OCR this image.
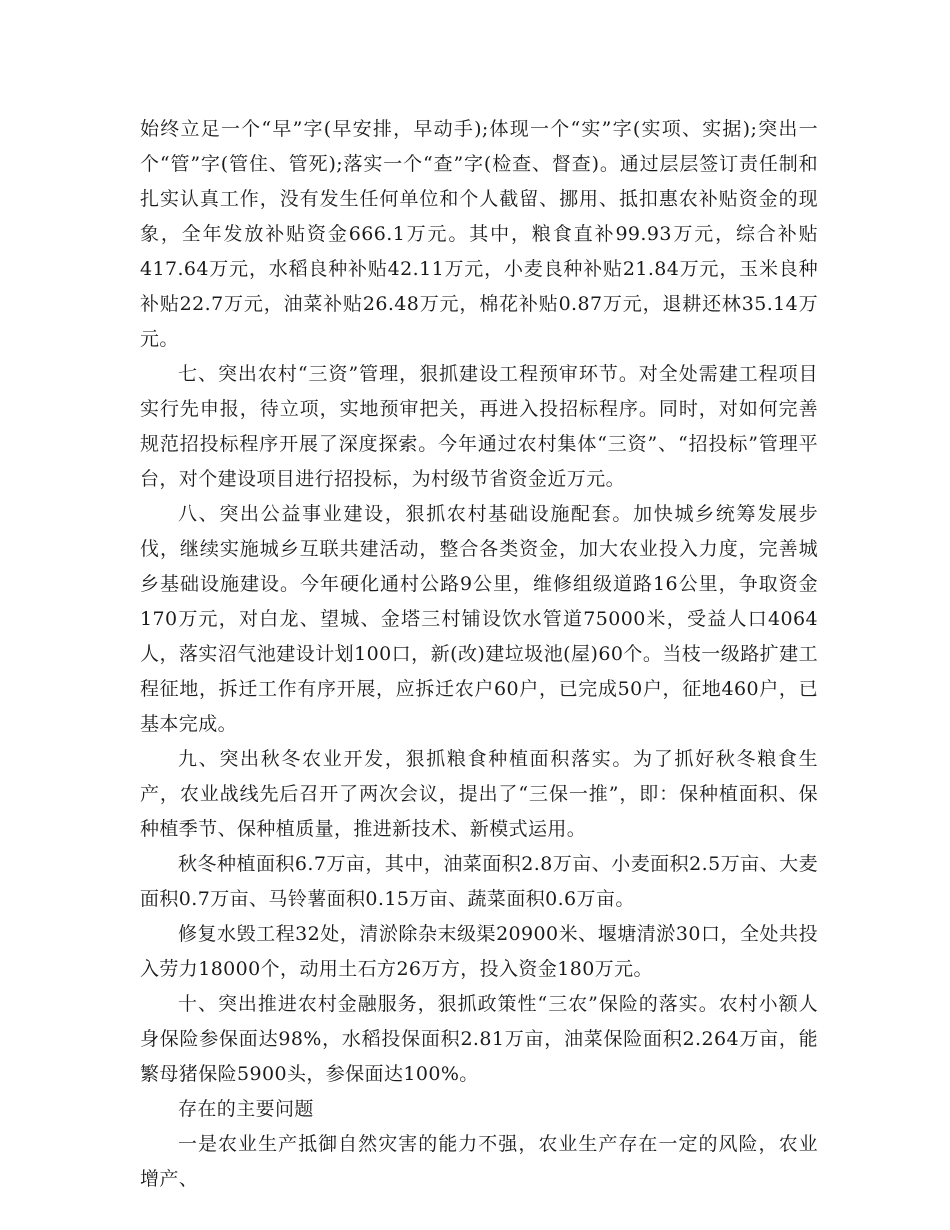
始终立足一个“早”字(早安排，早动手);体现一个“实”字(实项、实据);突出一个“管”字(管住、管死);落实一个“查”字(检查、督查)。通过层层签订责任制和扎实认真工作，没有发生任何单位和个人截留、挪用、抵扣惠农补贴资金的现象，全年发放补贴资金666.1万元。其中，粮食直补99.93万元，综合补贴417.64万元，水稻良种补贴42.11万元，小麦良种补贴21.84万元，玉米良种补贴22.7万元，油菜补贴26.48万元，棉花补贴0.87万元，退耕还林35.14万元。

七、突出农村“三资”管理，狠抓建设工程预审环节。对全处需建工程项目实行先申报，待立项，实地预审把关，再进入投招标程序。同时，对如何完善规范招投标程序开展了深度探索。今年通过农村集体“三资”、“招投标”管理平台，对个建设项目进行招投标，为村级节省资金近万元。

八、突出公益事业建设，狠抓农村基础设施配套。加快城乡统筹发展步伐，继续实施城乡互联共建活动，整合各类资金，加大农业投入力度，完善城乡基础设施建设。今年硬化通村公路9公里，维修组级道路16公里，争取资金170万元，对白龙、望城、金塔三村铺设饮水管道75000米，受益人口4064人，落实沼气池建设计划100口，新(改)建垃圾池(屋)60个。当枝一级路扩建工程征地，拆迁工作有序开展，应拆迁农户60户，已完成50户，征地460户，已基本完成。

九、突出秋冬农业开发，狠抓粮食种植面积落实。为了抓好秋冬粮食生产，农业战线先后召开了两次会议，提出了“三保一推”，即：保种植面积、保种植季节、保种植质量，推进新技术、新模式运用。

秋冬种植面积6.7万亩，其中，油菜面积2.8万亩、小麦面积2.5万亩、大麦面积0.7万亩、马铃薯面积0.15万亩、蔬菜面积0.6万亩。

修复水毁工程32处，清淤除杂末级渠20900米、堰塘清淤30口，全处共投入劳力18000个，动用土石方26万方，投入资金180万元。

十、突出推进农村金融服务，狠抓政策性“三农”保险的落实。农村小额人身保险参保面达98%，水稻投保面积2.81万亩，油菜保险面积2.264万亩，能繁母猪保险5900头，参保面达100%。

存在的主要问题

一是农业生产抵御自然灾害的能力不强，农业生产存在一定的风险，农业增产、
